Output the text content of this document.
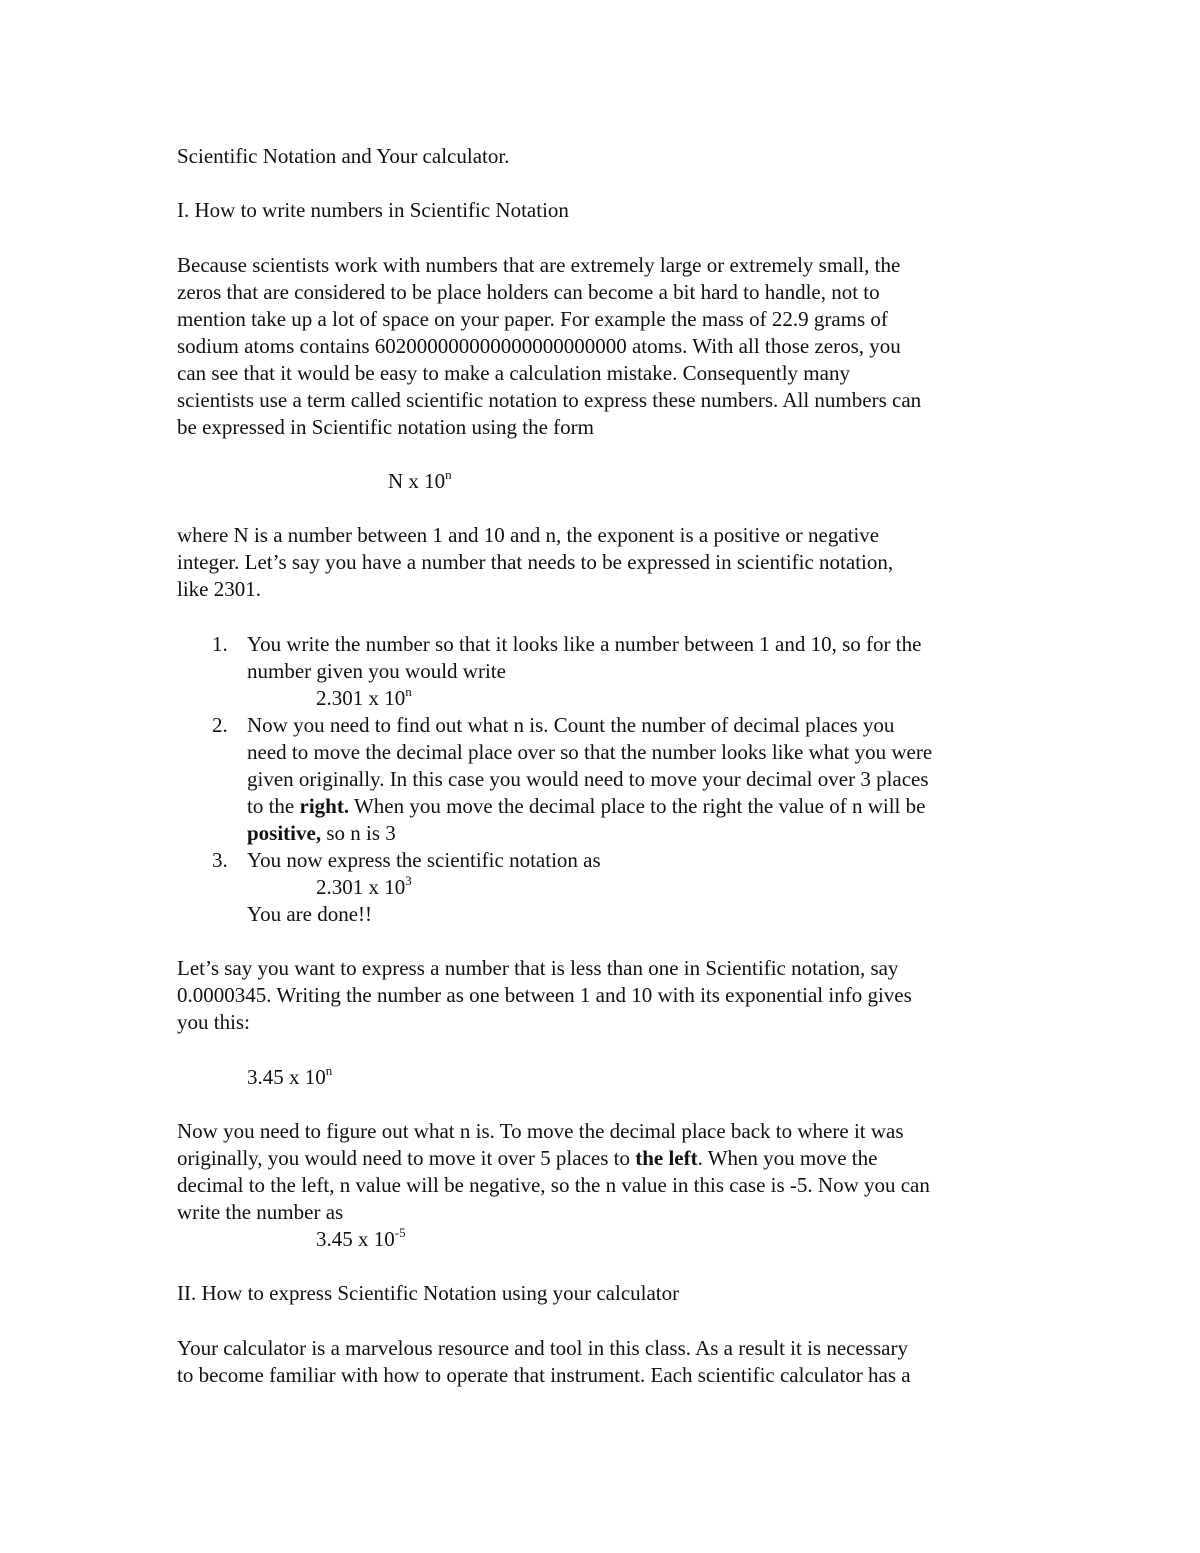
Scientific Notation and Your calculator.
I. How to write numbers in Scientific Notation
Because scientists work with numbers that are extremely large or extremely small, the
zeros that are considered to be place holders can become a bit hard to handle, not to
mention take up a lot of space on your paper. For example the mass of 22.9 grams of
sodium atoms contains 602000000000000000000000 atoms. With all those zeros, you
can see that it would be easy to make a calculation mistake. Consequently many
scientists use a term called scientific notation to express these numbers. All numbers can
be expressed in Scientific notation using the form
N x 10$^n$
where N is a number between 1 and 10 and n, the exponent is a positive or negative
integer. Let’s say you have a number that needs to be expressed in scientific notation,
like 2301.
1. You write the number so that it looks like a number between 1 and 10, so for the
number given you would write
2.301 x 10$^n$
2. Now you need to find out what n is. Count the number of decimal places you
need to move the decimal place over so that the number looks like what you were
given originally. In this case you would need to move your decimal over 3 places
to the right. When you move the decimal place to the right the value of n will be
positive, so n is 3
3. You now express the scientific notation as
2.301 x $10^3$
You are done!!
Let’s say you want to express a number that is less than one in Scientific notation, say
0.0000345. Writing the number as one between 1 and 10 with its exponential info gives
you this:
3.45 x 10$^n$
Now you need to figure out what n is. To move the decimal place back to where it was
originally, you would need to move it over 5 places to the left. When you move the
decimal to the left, n value will be negative, so the n value in this case is -5. Now you can
write the number as
3.45 x $10^{-5}$
II. How to express Scientific Notation using your calculator
Your calculator is a marvelous resource and tool in this class. As a result it is necessary
to become familiar with how to operate that instrument. Each scientific calculator has a
